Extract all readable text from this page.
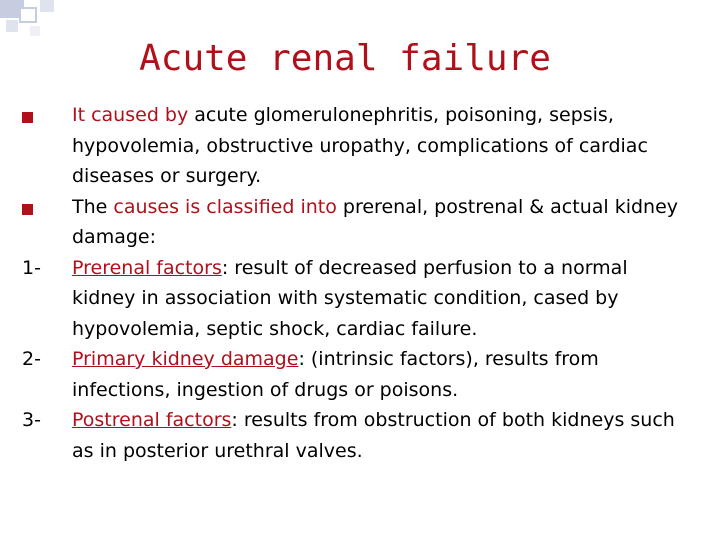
Acute renal failure
It caused by acute glomerulonephritis, poisoning, sepsis, hypovolemia, obstructive uropathy, complications of cardiac diseases or surgery.
The causes is classified into prerenal, postrenal & actual kidney damage:
1- Prerenal factors: result of decreased perfusion to a normal kidney in association with systematic condition, cased by hypovolemia, septic shock, cardiac failure.
2- Primary kidney damage: (intrinsic factors), results from infections, ingestion of drugs or poisons.
3- Postrenal factors: results from obstruction of both kidneys such as in posterior urethral valves.
